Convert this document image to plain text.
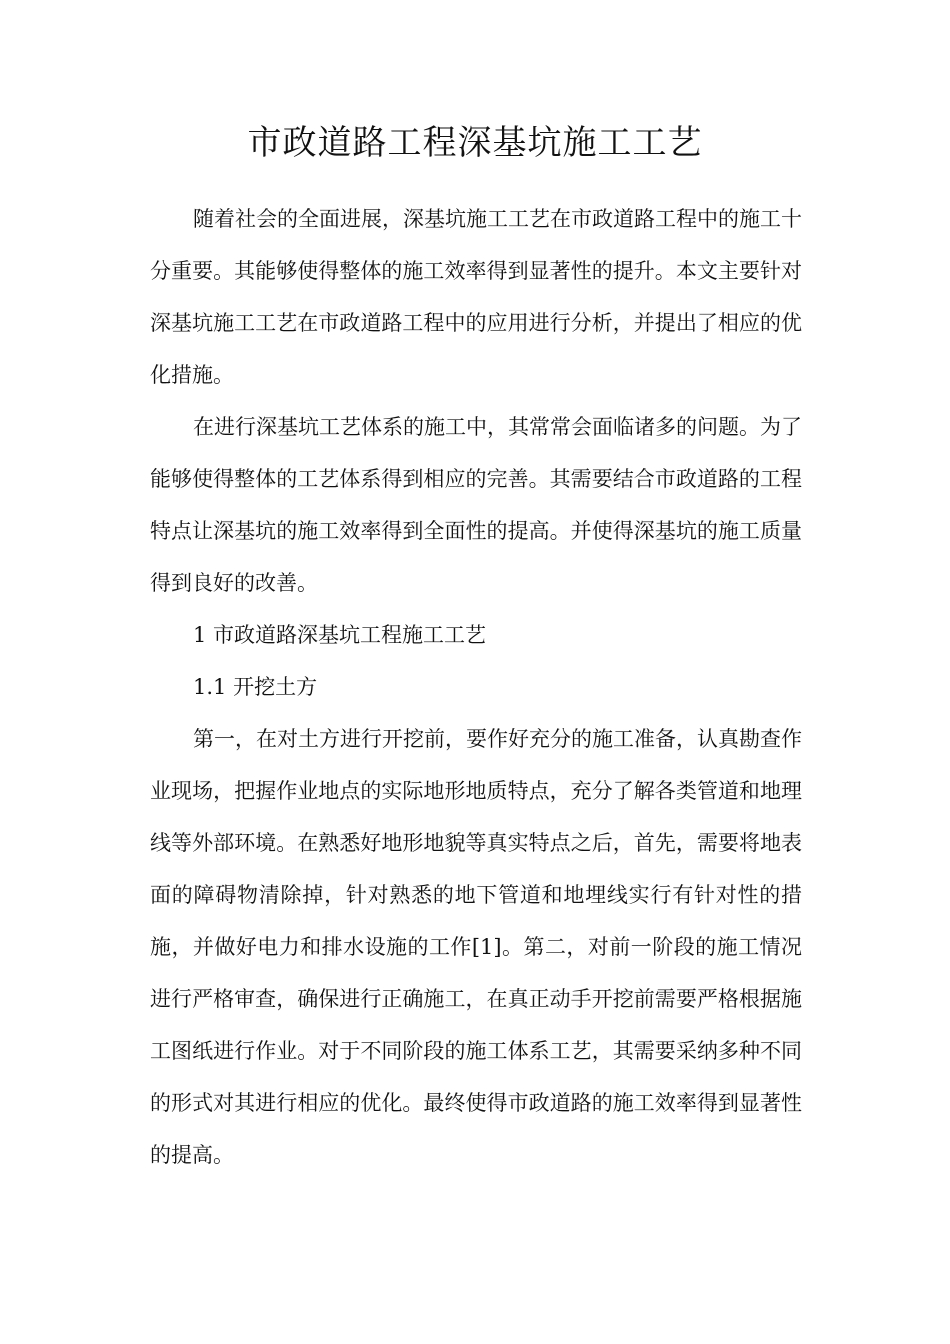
市政道路工程深基坑施工工艺

随着社会的全面进展，深基坑施工工艺在市政道路工程中的施工十分重要。其能够使得整体的施工效率得到显著性的提升。本文主要针对深基坑施工工艺在市政道路工程中的应用进行分析，并提出了相应的优化措施。

在进行深基坑工艺体系的施工中，其常常会面临诸多的问题。为了能够使得整体的工艺体系得到相应的完善。其需要结合市政道路的工程特点让深基坑的施工效率得到全面性的提高。并使得深基坑的施工质量得到良好的改善。

1 市政道路深基坑工程施工工艺

1.1 开挖土方

第一，在对土方进行开挖前，要作好充分的施工准备，认真勘查作业现场，把握作业地点的实际地形地质特点，充分了解各类管道和地理线等外部环境。在熟悉好地形地貌等真实特点之后，首先，需要将地表面的障碍物清除掉，针对熟悉的地下管道和地埋线实行有针对性的措施，并做好电力和排水设施的工作[1]。第二，对前一阶段的施工情况进行严格审查，确保进行正确施工，在真正动手开挖前需要严格根据施工图纸进行作业。对于不同阶段的施工体系工艺，其需要采纳多种不同的形式对其进行相应的优化。最终使得市政道路的施工效率得到显著性的提高。
